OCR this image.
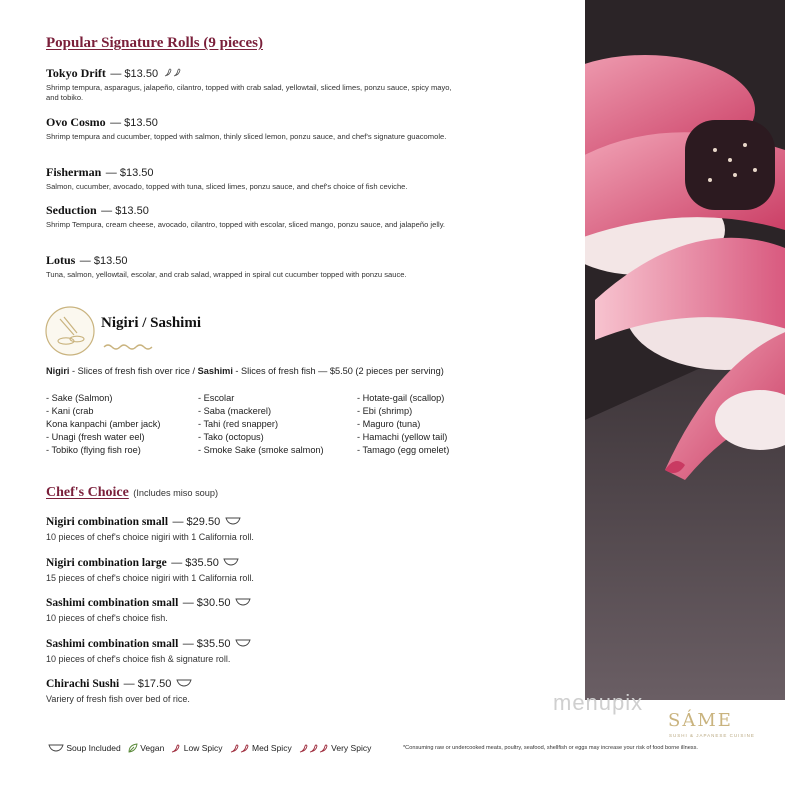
Popular Signature Rolls (9 pieces)
Tokyo Drift — $13.50
Shrimp tempura, asparagus, jalapeño, cilantro, topped with crab salad, yellowtail, sliced limes, ponzu sauce, spicy mayo, and tobiko.
Ovo Cosmo — $13.50
Shrimp tempura and cucumber, topped with salmon, thinly sliced lemon, ponzu sauce, and chef's signature guacomole.
Fisherman — $13.50
Salmon, cucumber, avocado, topped with tuna, sliced limes, ponzu sauce, and chef's choice of fish ceviche.
Seduction — $13.50
Shrimp Tempura, cream cheese, avocado, cilantro, topped with escolar, sliced mango, ponzu sauce, and jalapeño jelly.
Lotus — $13.50
Tuna, salmon, yellowtail, escolar, and crab salad, wrapped in spiral cut cucumber topped with ponzu sauce.
Nigiri / Sashimi
Nigiri - Slices of fresh fish over rice / Sashimi - Slices of fresh fish — $5.50 (2 pieces per serving)
- Sake (Salmon)
- Kani (crab
Kona kanpachi (amber jack)
- Unagi (fresh water eel)
- Tobiko (flying fish roe)
- Escolar
- Saba (mackerel)
- Tahi (red snapper)
- Tako (octopus)
- Smoke Sake (smoke salmon)
- Hotate-gail (scallop)
- Ebi (shrimp)
- Maguro (tuna)
- Hamachi (yellow tail)
- Tamago (egg omelet)
Chef's Choice (Includes miso soup)
Nigiri combination small — $29.50
10 pieces of chef's choice nigiri with 1 California roll.
Nigiri combination large — $35.50
15 pieces of chef's choice nigiri with 1 California roll.
Sashimi combination small — $30.50
10 pieces of chef's choice fish.
Sashimi combination small — $35.50
10 pieces of chef's choice fish & signature roll.
Chirachi Sushi — $17.50
Variery of fresh fish over bed of rice.	menupix
SÁME
SUSHI & JAPANESE CUISINE
Soup Included Vegan Low Spicy	Med Spicy	Very Spicy	*Consuming raw or undercooked meats, poultry, seafood, shellfish or eggs may increase your risk of food borne illness.
